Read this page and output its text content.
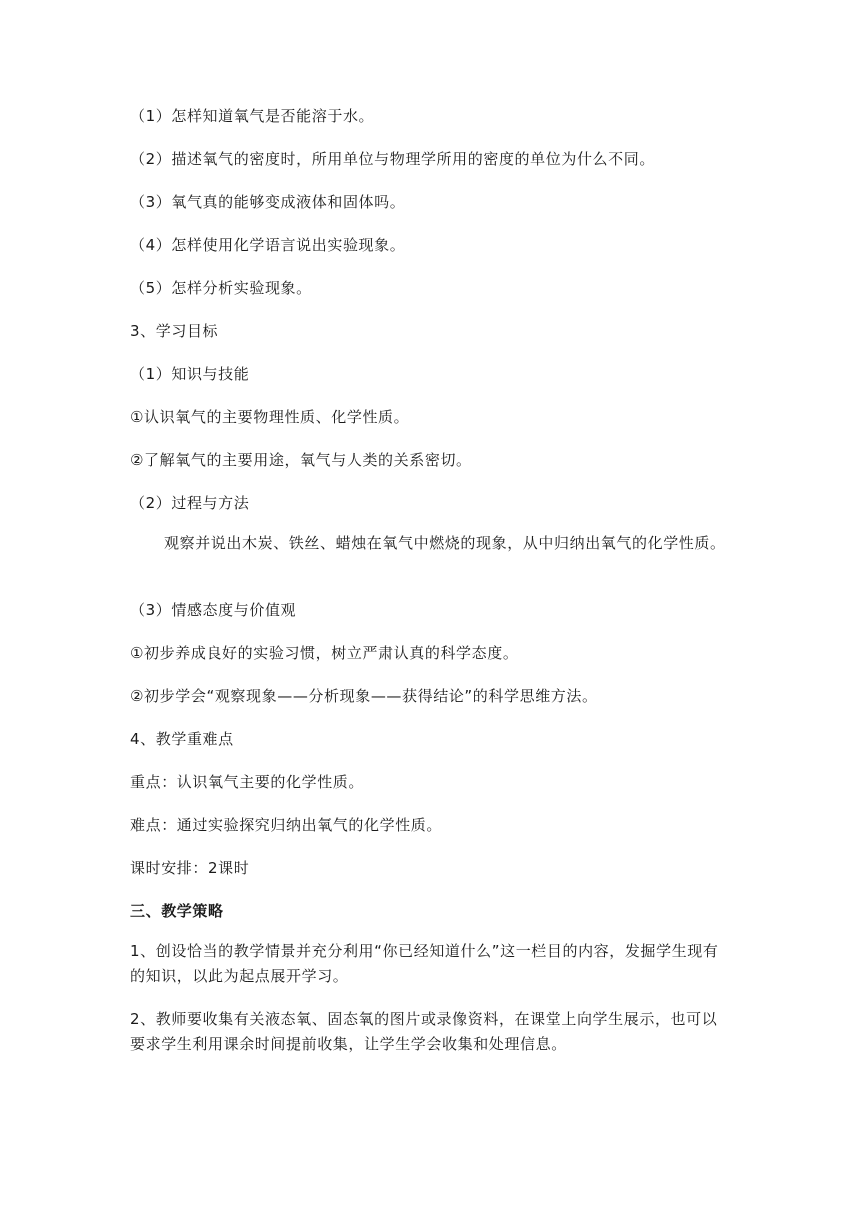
（1）怎样知道氧气是否能溶于水。
（2）描述氧气的密度时，所用单位与物理学所用的密度的单位为什么不同。
（3）氧气真的能够变成液体和固体吗。
（4）怎样使用化学语言说出实验现象。
（5）怎样分析实验现象。
3、学习目标
（1）知识与技能
①认识氧气的主要物理性质、化学性质。
②了解氧气的主要用途，氧气与人类的关系密切。
（2）过程与方法
观察并说出木炭、铁丝、蜡烛在氧气中燃烧的现象，从中归纳出氧气的化学性质。
（3）情感态度与价值观
①初步养成良好的实验习惯，树立严肃认真的科学态度。
②初步学会“观察现象——分析现象——获得结论”的科学思维方法。
4、教学重难点
重点：认识氧气主要的化学性质。
难点：通过实验探究归纳出氧气的化学性质。
课时安排：2课时
三、教学策略
1、创设恰当的教学情景并充分利用“你已经知道什么”这一栏目的内容，发掘学生现有的知识，以此为起点展开学习。
2、教师要收集有关液态氧、固态氧的图片或录像资料，在课堂上向学生展示，也可以要求学生利用课余时间提前收集，让学生学会收集和处理信息。
